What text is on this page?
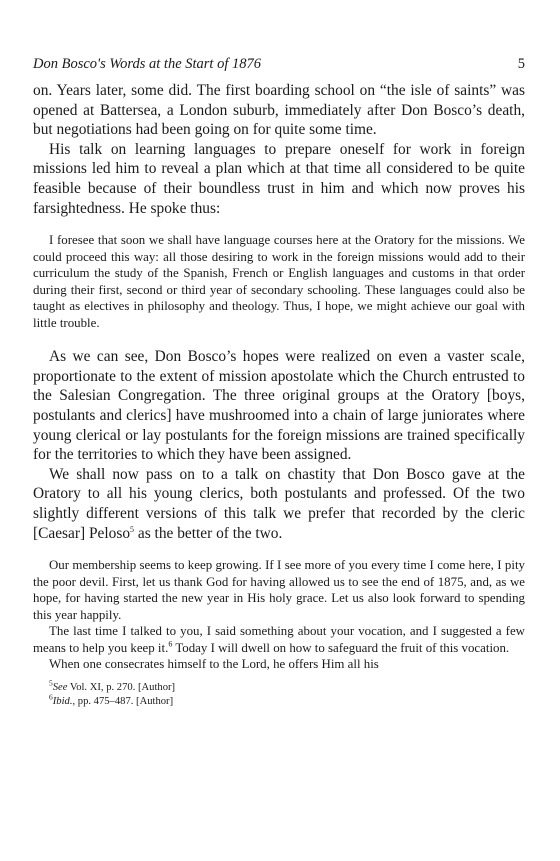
Don Bosco's Words at the Start of 1876	5

on. Years later, some did. The first boarding school on “the isle of saints” was opened at Battersea, a London suburb, immediately after Don Bosco’s death, but negotiations had been going on for quite some time.

His talk on learning languages to prepare oneself for work in foreign missions led him to reveal a plan which at that time all considered to be quite feasible because of their boundless trust in him and which now proves his farsightedness. He spoke thus:

I foresee that soon we shall have language courses here at the Oratory for the missions. We could proceed this way: all those desiring to work in the foreign missions would add to their curriculum the study of the Spanish, French or English languages and customs in that order during their first, second or third year of secondary schooling. These languages could also be taught as electives in philosophy and theology. Thus, I hope, we might achieve our goal with little trouble.

As we can see, Don Bosco’s hopes were realized on even a vaster scale, proportionate to the extent of mission apostolate which the Church entrusted to the Salesian Congregation. The three original groups at the Oratory [boys, postulants and clerics] have mushroomed into a chain of large juniorates where young clerical or lay postulants for the foreign missions are trained specifically for the territories to which they have been assigned.

We shall now pass on to a talk on chastity that Don Bosco gave at the Oratory to all his young clerics, both postulants and professed. Of the two slightly different versions of this talk we prefer that recorded by the cleric [Caesar] Peloso$^5$ as the better of the two.

Our membership seems to keep growing. If I see more of you every time I come here, I pity the poor devil. First, let us thank God for having allowed us to see the end of 1875, and, as we hope, for having started the new year in His holy grace. Let us also look forward to spending this year happily.

The last time I talked to you, I said something about your vocation, and I suggested a few means to help you keep it.$^6$ Today I will dwell on how to safeguard the fruit of this vocation.

When one consecrates himself to the Lord, he offers Him all his

$^5$See Vol. XI, p. 270. [Author]

$^6$Ibid., pp. 475–487. [Author]
